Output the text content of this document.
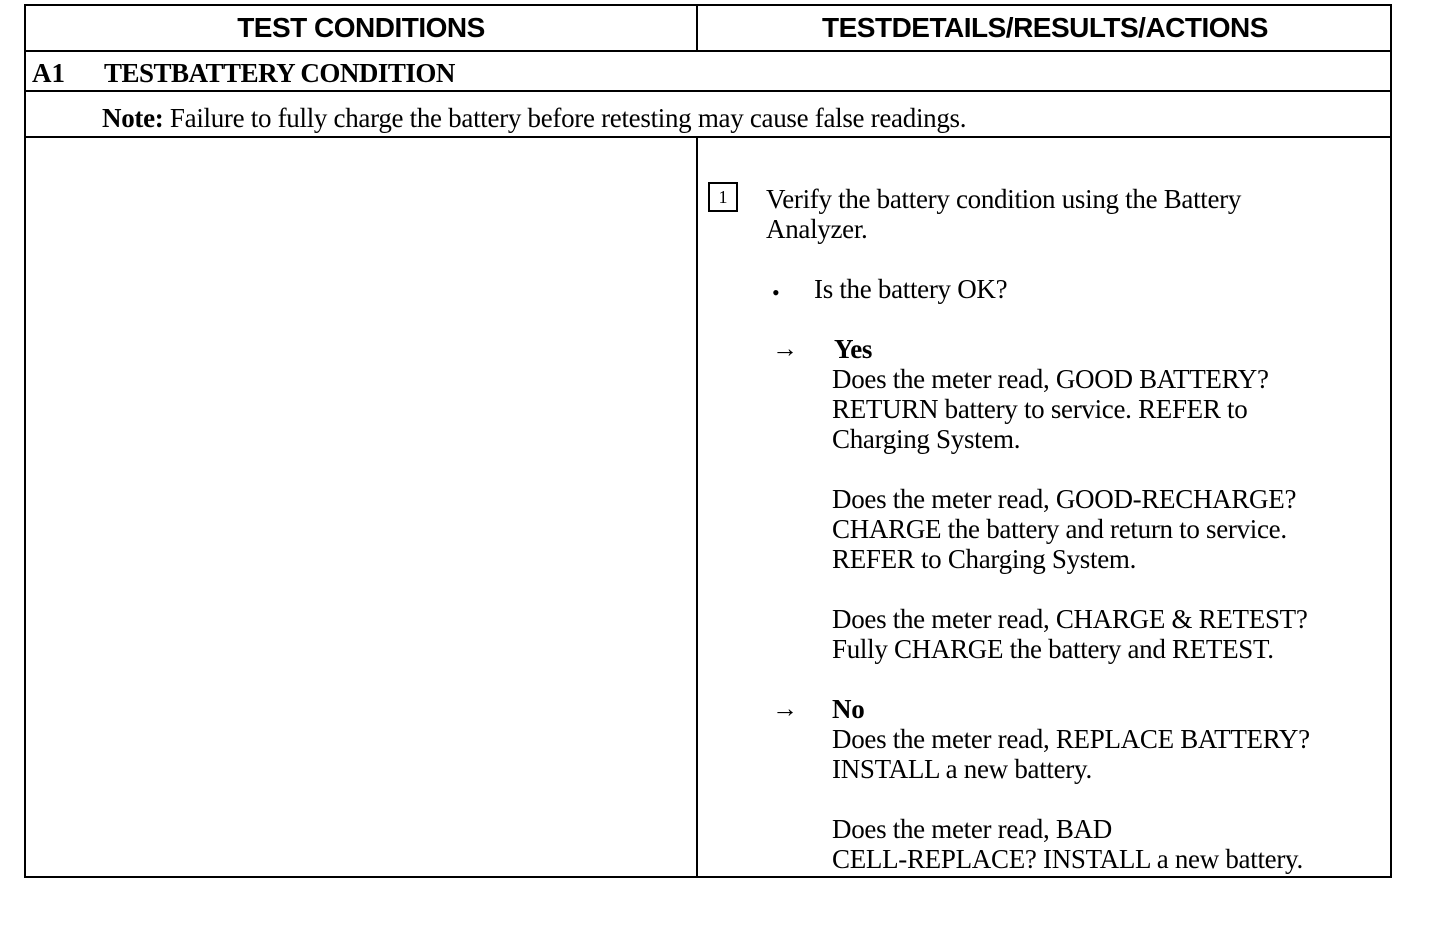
TEST CONDITIONS	TESTDETAILS/RESULTS/ACTIONS
A1	TESTBATTERY CONDITION
Note: Failure to fully charge the battery before retesting may cause false readings.
1	Verify the battery condition using the Battery
Analyzer.
• Is the battery OK?
→ Yes
Does the meter read, GOOD BATTERY?
RETURN battery to service. REFER to
Charging System.
Does the meter read, GOOD-RECHARGE?
CHARGE the battery and return to service.
REFER to Charging System.
Does the meter read, CHARGE & RETEST?
Fully CHARGE the battery and RETEST.
→ No
Does the meter read, REPLACE BATTERY?
INSTALL a new battery.
Does the meter read, BAD
CELL-REPLACE? INSTALL a new battery.
